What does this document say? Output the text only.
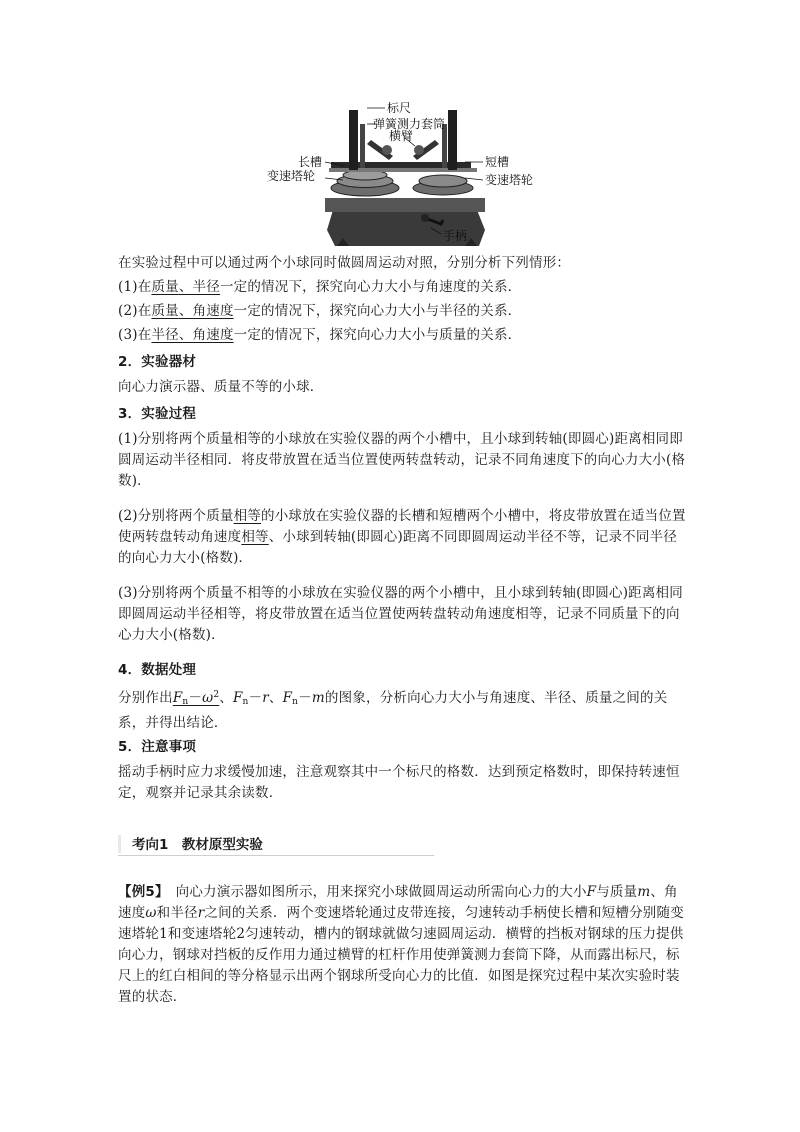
标尺
弹簧测力套筒
横臂
长槽
变速塔轮
短槽
变速塔轮
手柄
在实验过程中可以通过两个小球同时做圆周运动对照，分别分析下列情形：
(1)在质量、半径一定的情况下，探究向心力大小与角速度的关系．
(2)在质量、角速度一定的情况下，探究向心力大小与半径的关系．
(3)在半径、角速度一定的情况下，探究向心力大小与质量的关系．
2．实验器材
向心力演示器、质量不等的小球．
3．实验过程
(1)分别将两个质量相等的小球放在实验仪器的两个小槽中，且小球到转轴(即圆心)距离相同即圆周运动半径相同．将皮带放置在适当位置使两转盘转动，记录不同角速度下的向心力大小(格数)．
(2)分别将两个质量相等的小球放在实验仪器的长槽和短槽两个小槽中，将皮带放置在适当位置使两转盘转动角速度相等、小球到转轴(即圆心)距离不同即圆周运动半径不等，记录不同半径的向心力大小(格数)．
(3)分别将两个质量不相等的小球放在实验仪器的两个小槽中，且小球到转轴(即圆心)距离相同即圆周运动半径相等，将皮带放置在适当位置使两转盘转动角速度相等，记录不同质量下的向心力大小(格数)．
4．数据处理
分别作出$F_n-\omega^2$、$F_n-r$、$F_n-m$的图象，分析向心力大小与角速度、半径、质量之间的关系，并得出结论．
5．注意事项
摇动手柄时应力求缓慢加速，注意观察其中一个标尺的格数．达到预定格数时，即保持转速恒定，观察并记录其余读数．
考向1　教材原型实验
【例5】　向心力演示器如图所示，用来探究小球做圆周运动所需向心力的大小F与质量m、角速度ω和半径r之间的关系．两个变速塔轮通过皮带连接，匀速转动手柄使长槽和短槽分别随变速塔轮1和变速塔轮2匀速转动，槽内的钢球就做匀速圆周运动．横臂的挡板对钢球的压力提供向心力，钢球对挡板的反作用力通过横臂的杠杆作用使弹簧测力套筒下降，从而露出标尺，标尺上的红白相间的等分格显示出两个钢球所受向心力的比值．如图是探究过程中某次实验时装置的状态．
